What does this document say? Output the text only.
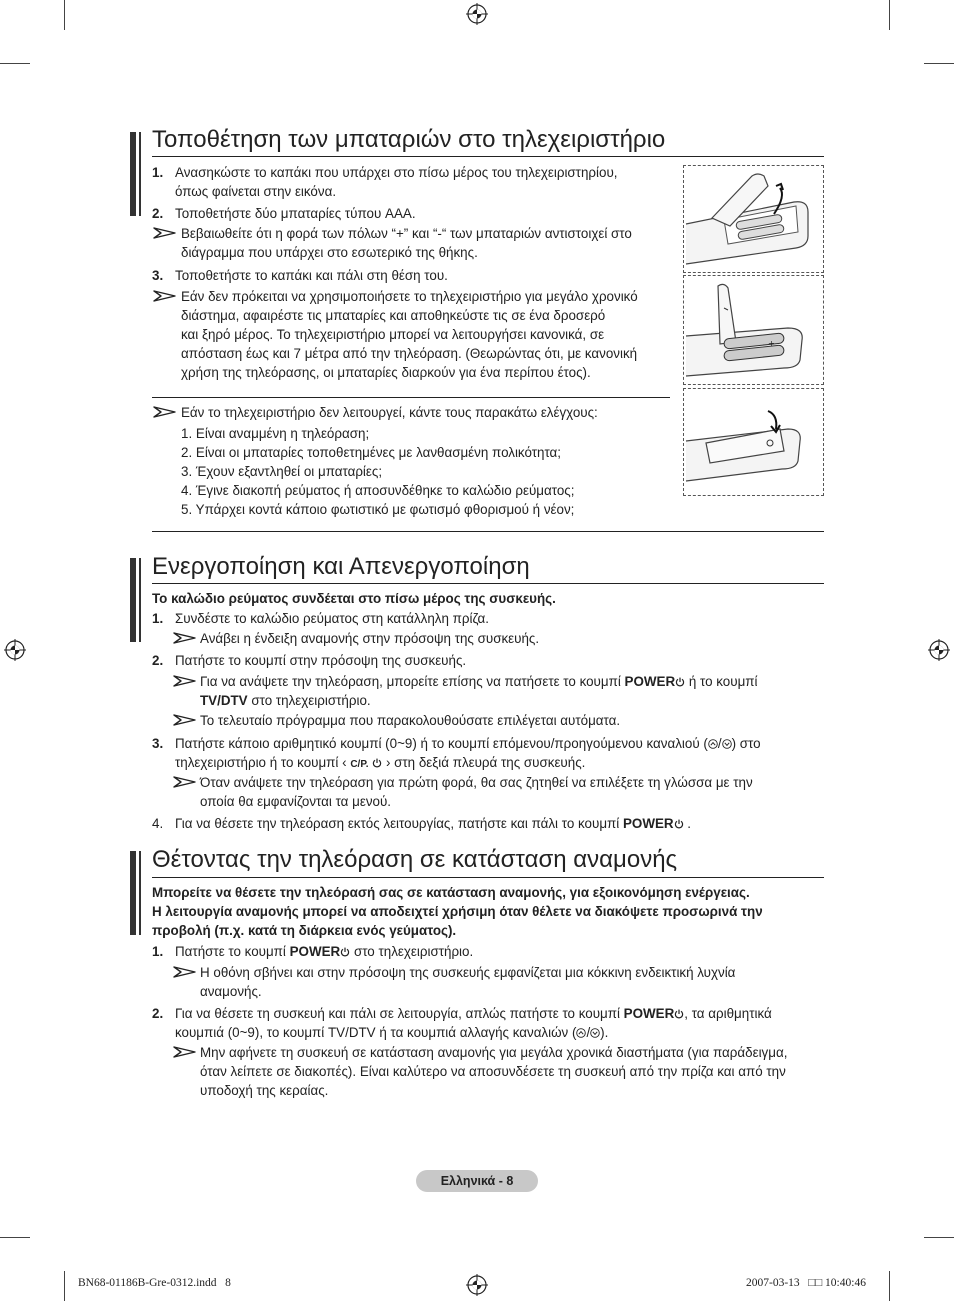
Τοποθέτηση των μπαταριών στο τηλεχειριστήριο
1. Ανασηκώστε το καπάκι που υπάρχει στο πίσω μέρος του τηλεχειριστηρίου,
όπως φαίνεται στην εικόνα.
2. Τοποθετήστε δύο μπαταρίες τύπου AAA.
Βεβαιωθείτε ότι η φορά των πόλων “+” και “-“ των μπαταριών αντιστοιχεί στο
διάγραμμα που υπάρχει στο εσωτερικό της θήκης.
3. Τοποθετήστε το καπάκι και πάλι στη θέση του.
Εάν δεν πρόκειται να χρησιμοποιήσετε το τηλεχειριστήριο για μεγάλο χρονικό
διάστημα, αφαιρέστε τις μπαταρίες και αποθηκεύστε τις σε ένα δροσερό
και ξηρό μέρος. Το τηλεχειριστήριο μπορεί να λειτουργήσει κανονικά, σε
απόσταση έως και 7 μέτρα από την τηλεόραση. (Θεωρώντας ότι, με κανονική
χρήση της τηλεόρασης, οι μπαταρίες διαρκούν για ένα περίπου έτος).
Εάν το τηλεχειριστήριο δεν λειτουργεί, κάντε τους παρακάτω ελέγχους:
1. Είναι αναμμένη η τηλεόραση;
2. Είναι οι μπαταρίες τοποθετημένες με λανθασμένη πολικότητα;
3. Έχουν εξαντληθεί οι μπαταρίες;
4. Έγινε διακοπή ρεύματος ή αποσυνδέθηκε το καλώδιο ρεύματος;
5. Υπάρχει κοντά κάποιο φωτιστικό με φωτισμό φθορισμού ή νέον;
+
Ενεργοποίηση και Απενεργοποίηση
Το καλώδιο ρεύματος συνδέεται στο πίσω μέρος της συσκευής.
1. Συνδέστε το καλώδιο ρεύματος στη κατάλληλη πρίζα.
Ανάβει η ένδειξη αναμονής στην πρόσοψη της συσκευής.
2. Πατήστε το κουμπί στην πρόσοψη της συσκευής.
Για να ανάψετε την τηλεόραση, μπορείτε επίσης να πατήσετε το κουμπί POWER ή το κουμπί
TV/DTV στο τηλεχειριστήριο.
Το τελευταίο πρόγραμμα που παρακολουθούσατε επιλέγεται αυτόματα.
3. Πατήστε κάποιο αριθμητικό κουμπί (0~9) ή το κουμπί επόμενου/προηγούμενου καναλιού ( / ) στο
τηλεχειριστήριο ή το κουμπί ‹ C/P.  › στη δεξιά πλευρά της συσκευής.
Όταν ανάψετε την τηλεόραση για πρώτη φορά, θα σας ζητηθεί να επιλέξετε τη γλώσσα με την
οποία θα εμφανίζονται τα μενού.
4. Για να θέσετε την τηλεόραση εκτός λειτουργίας, πατήστε και πάλι το κουμπί POWER .
Θέτοντας την τηλεόραση σε κατάσταση αναμονής
Μπορείτε να θέσετε την τηλεόρασή σας σε κατάσταση αναμονής, για εξοικονόμηση ενέργειας.
Η λειτουργία αναμονής μπορεί να αποδειχτεί χρήσιμη όταν θέλετε να διακόψετε προσωρινά την
προβολή (π.χ. κατά τη διάρκεια ενός γεύματος).
1. Πατήστε το κουμπί POWER στο τηλεχειριστήριο.
Η οθόνη σβήνει και στην πρόσοψη της συσκευής εμφανίζεται μια κόκκινη ενδεικτική λυχνία
αναμονής.
2. Για να θέσετε τη συσκευή και πάλι σε λειτουργία, απλώς πατήστε το κουμπί POWER , τα αριθμητικά
κουμπιά (0~9), το κουμπί TV/DTV ή τα κουμπιά αλλαγής καναλιών ( / ).
Μην αφήνετε τη συσκευή σε κατάσταση αναμονής για μεγάλα χρονικά διαστήματα (για παράδειγμα,
όταν λείπετε σε διακοπές). Είναι καλύτερο να αποσυνδέσετε τη συσκευή από την πρίζα και από την
υποδοχή της κεραίας.
Ελληνικά - 8
BN68-01186B-Gre-0312.indd   8	2007-03-13   □□ 10:40:46
